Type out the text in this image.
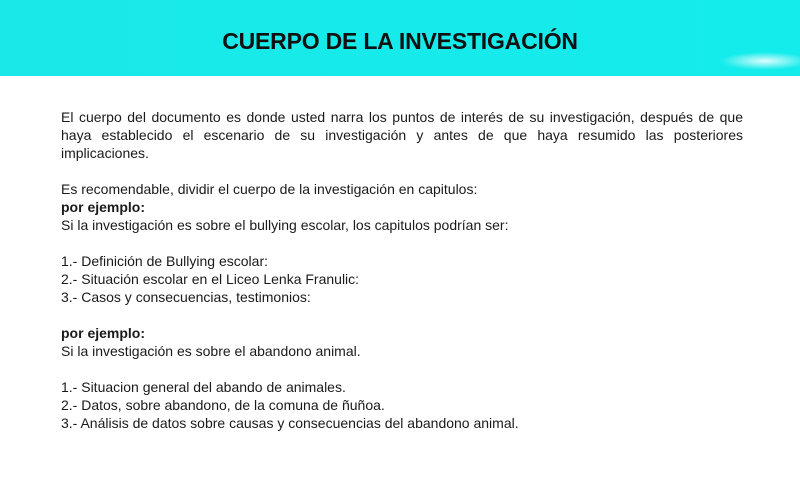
CUERPO DE LA INVESTIGACIÓN

El cuerpo del documento es donde usted narra los puntos de interés de su investigación, después de que haya establecido el escenario de su investigación y antes de que haya resumido las posteriores implicaciones.

Es recomendable, dividir el cuerpo de la investigación en capitulos:

por ejemplo:

Si la investigación es sobre el bullying escolar, los capitulos podrían ser:

1.- Definición de Bullying escolar:

2.- Situación escolar en el Liceo Lenka Franulic:

3.- Casos y consecuencias, testimonios:

por ejemplo:

Si la investigación es sobre el abandono animal.

1.- Situacion general del abando de animales.

2.- Datos, sobre abandono, de la comuna de ñuñoa.

3.- Análisis de datos sobre causas y consecuencias del abandono animal.
